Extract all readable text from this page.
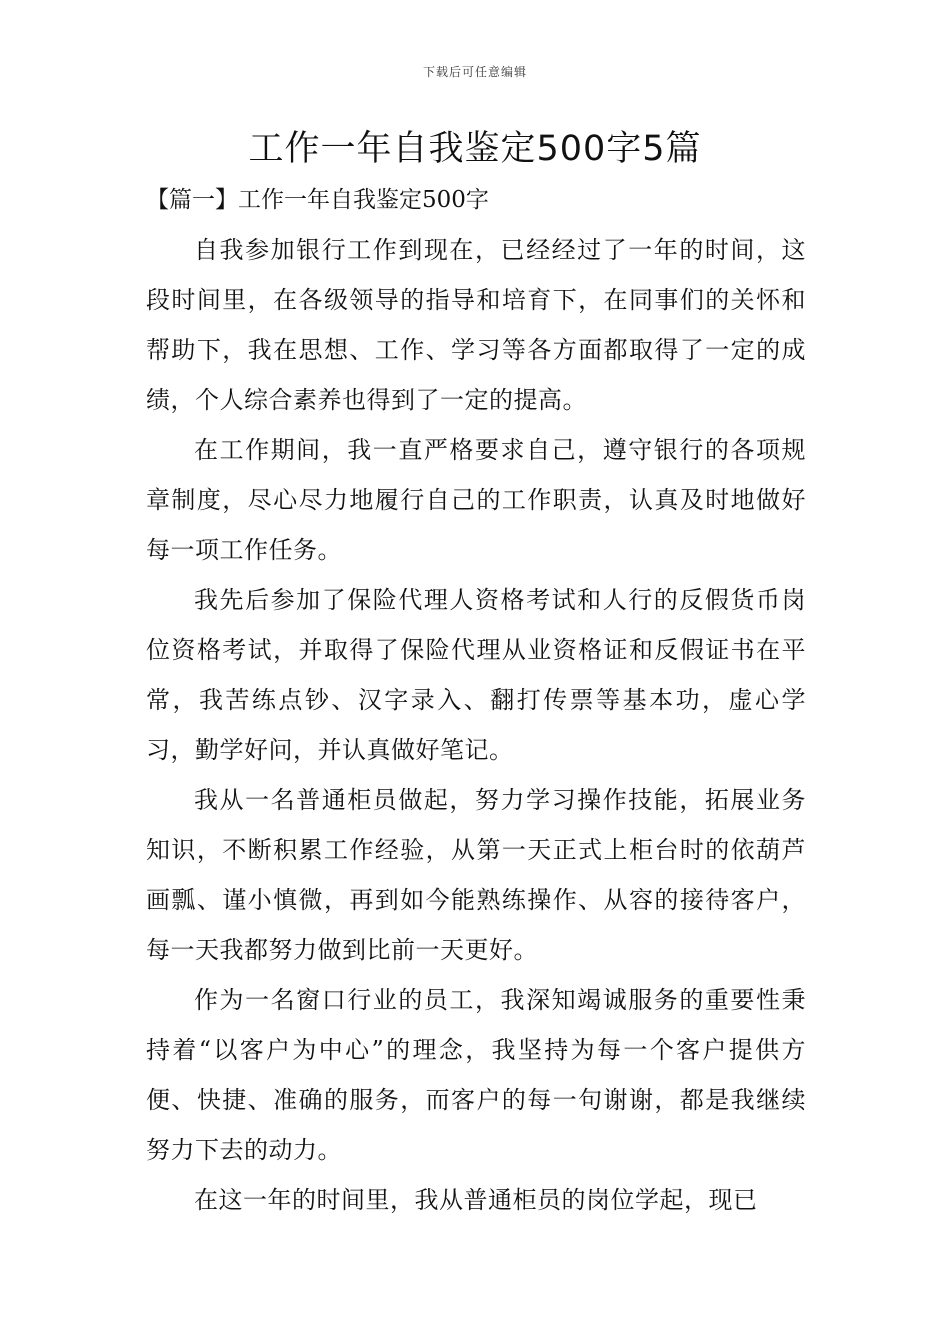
下载后可任意编辑
工作一年自我鉴定500字5篇
【篇一】工作一年自我鉴定500字

自我参加银行工作到现在，已经经过了一年的时间，这段时间里，在各级领导的指导和培育下，在同事们的关怀和帮助下，我在思想、工作、学习等各方面都取得了一定的成绩，个人综合素养也得到了一定的提高。

在工作期间，我一直严格要求自己，遵守银行的各项规章制度，尽心尽力地履行自己的工作职责，认真及时地做好每一项工作任务。

我先后参加了保险代理人资格考试和人行的反假货币岗位资格考试，并取得了保险代理从业资格证和反假证书在平常，我苦练点钞、汉字录入、翻打传票等基本功，虚心学习，勤学好问，并认真做好笔记。

我从一名普通柜员做起，努力学习操作技能，拓展业务知识，不断积累工作经验，从第一天正式上柜台时的依葫芦画瓢、谨小慎微，再到如今能熟练操作、从容的接待客户，每一天我都努力做到比前一天更好。

作为一名窗口行业的员工，我深知竭诚服务的重要性秉持着“以客户为中心”的理念，我坚持为每一个客户提供方便、快捷、准确的服务，而客户的每一句谢谢，都是我继续努力下去的动力。

在这一年的时间里，我从普通柜员的岗位学起，现已
